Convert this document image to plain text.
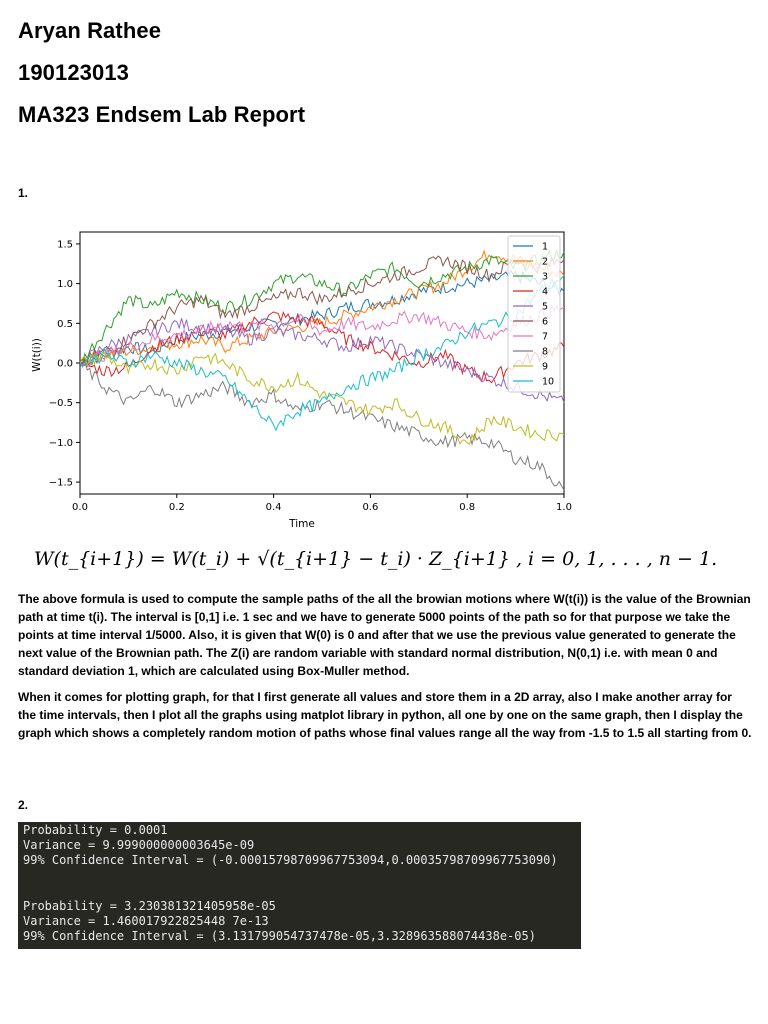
Aryan Rathee
190123013
MA323 Endsem Lab Report
1.
0.0	0.2	0.4	0.6	0.8	1.0
1.5
1.0
0.5
0.0
−0.5
−1.0
−1.5
Time
W(t(i))
1
2
3
4
5
6
7
8
9
10
W(t_{i+1}) = W(t_i) + √(t_{i+1} − t_i) · Z_{i+1} , i = 0, 1, . . . , n − 1.
The above formula is used to compute the sample paths of the all the browian motions where W(t(i)) is the value of the Brownian path at time t(i). The interval is [0,1] i.e. 1 sec and we have to generate 5000 points of the path so for that purpose we take the points at time interval 1/5000. Also, it is given that W(0) is 0 and after that we use the previous value generated to generate the next value of the Brownian path. The Z(i) are random variable with standard normal distribution, N(0,1) i.e. with mean 0 and standard deviation 1, which are calculated using Box-Muller method.
When it comes for plotting graph, for that I first generate all values and store them in a 2D array, also I make another array for the time intervals, then I plot all the graphs using matplot library in python, all one by one on the same graph, then I display the graph which shows a completely random motion of paths whose final values range all the way from -1.5 to 1.5 all starting from 0.
2.
Probability = 0.0001
Variance = 9.999000000003645e-09
99% Confidence Interval = (-0.00015798709967753094,0.00035798709967753090)
Probability = 3.230381321405958e-05
Variance = 1.460017922825448 7e-13
99% Confidence Interval = (3.131799054737478e-05,3.328963588074438e-05)
